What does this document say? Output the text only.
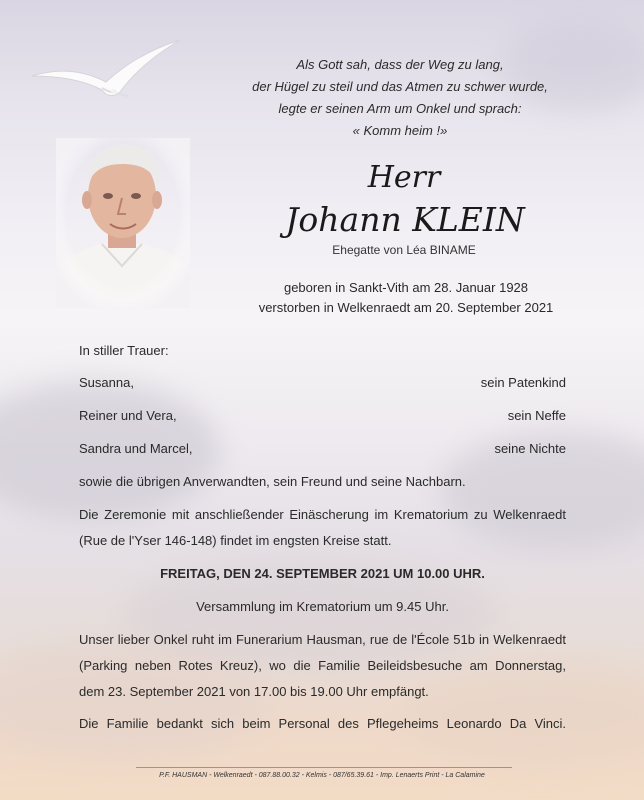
Als Gott sah, dass der Weg zu lang,
der Hügel zu steil und das Atmen zu schwer wurde,
legte er seinen Arm um Onkel und sprach:
« Komm heim !»
Herr
Johann KLEIN
Ehegatte von Léa BINAME
geboren in Sankt-Vith am 28. Januar 1928
verstorben in Welkenraedt am 20. September 2021
In stiller Trauer:
Susanna,	sein Patenkind
Reiner und Vera,	sein Neffe
Sandra und Marcel,	seine Nichte
sowie die übrigen Anverwandten, sein Freund und seine Nachbarn.
Die Zeremonie mit anschließender Einäscherung im Krematorium zu Welkenraedt
(Rue de l'Yser 146-148) findet im engsten Kreise statt.
FREITAG, DEN 24. SEPTEMBER 2021 UM 10.00 UHR.
Versammlung im Krematorium um 9.45 Uhr.
Unser lieber Onkel ruht im Funerarium Hausman, rue de l'École 51b in Welkenraedt
(Parking neben Rotes Kreuz), wo die Familie Beileidsbesuche am Donnerstag,
dem 23. September 2021 von 17.00 bis 19.00 Uhr empfängt.
Die Familie bedankt sich beim Personal des Pflegeheims Leonardo Da Vinci.
P.F. HAUSMAN - Welkenraedt - 087.88.00.32 - Kelmis - 087/65.39.61 - Imp. Lenaerts Print - La Calamine
